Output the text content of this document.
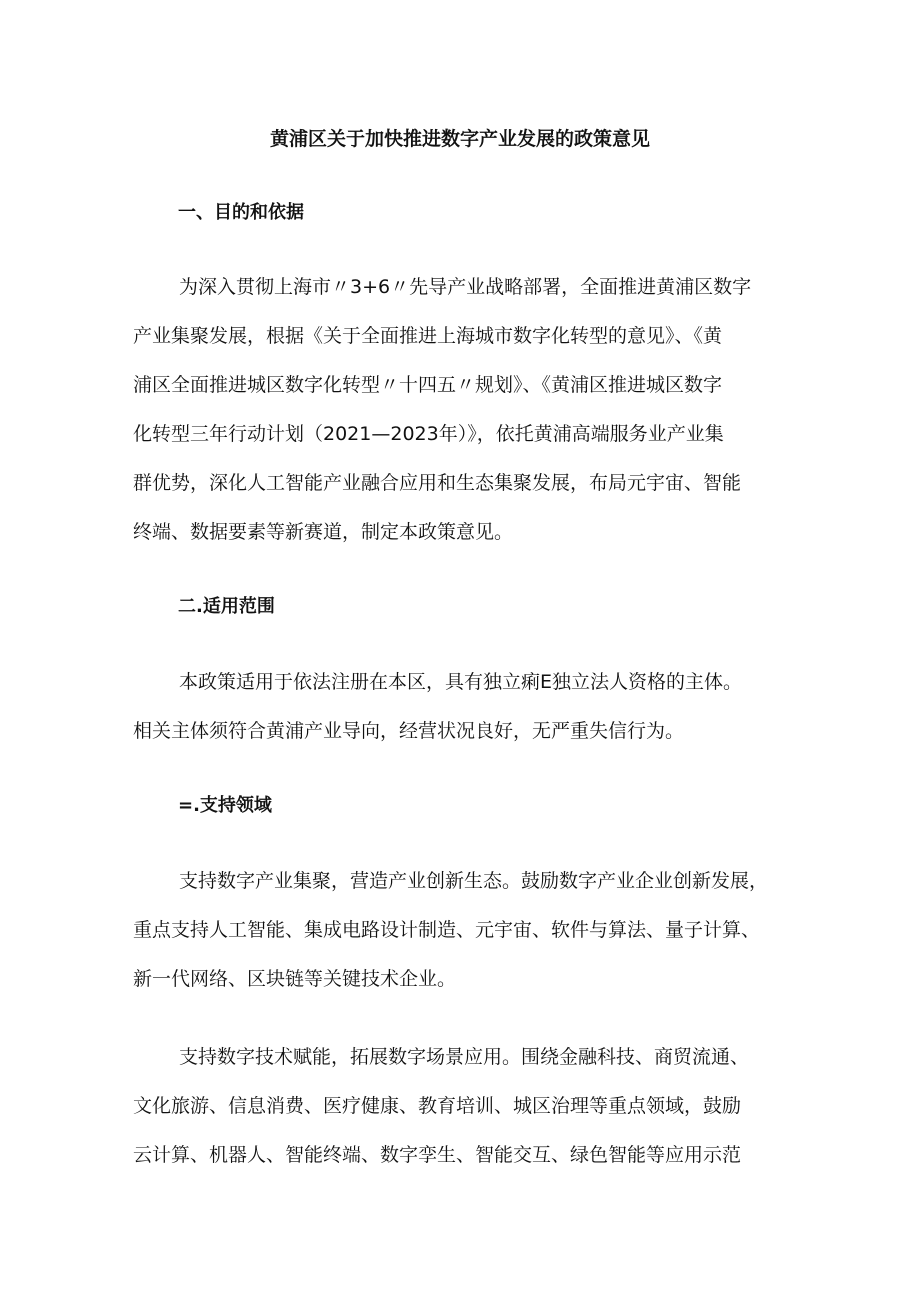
黄浦区关于加快推进数字产业发展的政策意见
一、目的和依据
为深入贯彻上海市〃3+6〃先导产业战略部署，全面推进黄浦区数字
产业集聚发展，根据《关于全面推进上海城市数字化转型的意见》、《黄
浦区全面推进城区数字化转型〃十四五〃规划》、《黄浦区推进城区数字
化转型三年行动计划（2021—2023年）》，依托黄浦高端服务业产业集
群优势，深化人工智能产业融合应用和生态集聚发展，布局元宇宙、智能
终端、数据要素等新赛道，制定本政策意见。
二.适用范围
本政策适用于依法注册在本区，具有独立痢E独立法人资格的主体。
相关主体须符合黄浦产业导向，经营状况良好，无严重失信行为。
=.支持领域
支持数字产业集聚，营造产业创新生态。鼓励数字产业企业创新发展，
重点支持人工智能、集成电路设计制造、元宇宙、软件与算法、量子计算、
新一代网络、区块链等关键技术企业。
支持数字技术赋能，拓展数字场景应用。围绕金融科技、商贸流通、
文化旅游、信息消费、医疗健康、教育培训、城区治理等重点领域，鼓励
云计算、机器人、智能终端、数字孪生、智能交互、绿色智能等应用示范
